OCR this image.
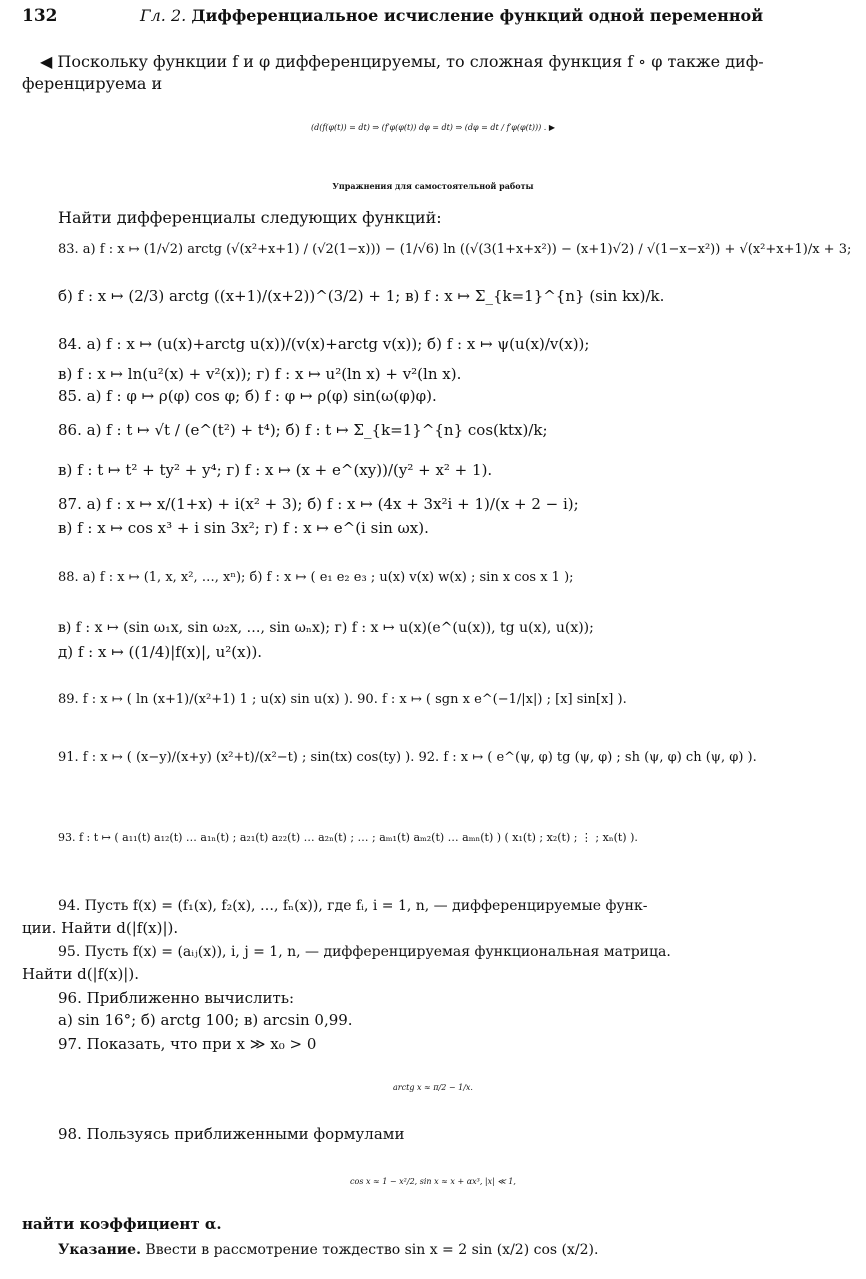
132	Гл. 2. Дифференциальное исчисление функций одной переменной
◀ Поскольку функции f и φ дифференцируемы, то сложная функция f ∘ φ также диф-
ференцируема и
(d(f(φ(t)) = dt) ⇒ (f′φ(φ(t)) dφ = dt) ⇒ (dφ = dt / f′φ(φ(t))) . ▶
Упражнения для самостоятельной работы
Найти дифференциалы следующих функций:
83. а) f : x ↦ (1/√2) arctg (√(x²+x+1) / (√2(1−x))) − (1/√6) ln ((√(3(1+x+x²)) − (x+1)√2) / √(1−x−x²)) + √(x²+x+1)/x + 3;
б) f : x ↦ (2/3) arctg ((x+1)/(x+2))^(3/2) + 1; в) f : x ↦ Σ_{k=1}^{n} (sin kx)/k.
84. а) f : x ↦ (u(x)+arctg u(x))/(v(x)+arctg v(x)); б) f : x ↦ ψ(u(x)/v(x));
в) f : x ↦ ln(u²(x) + v²(x)); г) f : x ↦ u²(ln x) + v²(ln x).
85. а) f : φ ↦ ρ(φ) cos φ; б) f : φ ↦ ρ(φ) sin(ω(φ)φ).
86. а) f : t ↦ √t / (e^(t²) + t⁴); б) f : t ↦ Σ_{k=1}^{n} cos(ktx)/k;
в) f : t ↦ t² + ty² + y⁴; г) f : x ↦ (x + e^(xy))/(y² + x² + 1).
87. а) f : x ↦ x/(1+x) + i(x² + 3); б) f : x ↦ (4x + 3x²i + 1)/(x + 2 − i);
в) f : x ↦ cos x³ + i sin 3x²; г) f : x ↦ e^(i sin ωx).
88. а) f : x ↦ (1, x, x², …, xⁿ); б) f : x ↦ ( e₁ e₂ e₃ ; u(x) v(x) w(x) ; sin x cos x 1 );
в) f : x ↦ (sin ω₁x, sin ω₂x, …, sin ωₙx); г) f : x ↦ u(x)(e^(u(x)), tg u(x), u(x));
д) f : x ↦ ((1/4)|f(x)|, u²(x)).
89. f : x ↦ ( ln (x+1)/(x²+1) 1 ; u(x) sin u(x) ). 90. f : x ↦ ( sgn x e^(−1/|x|) ; [x] sin[x] ).
91. f : x ↦ ( (x−y)/(x+y) (x²+t)/(x²−t) ; sin(tx) cos(ty) ). 92. f : x ↦ ( e^(ψ, φ) tg (ψ, φ) ; sh (ψ, φ) ch (ψ, φ) ).
93. f : t ↦ ( a₁₁(t) a₁₂(t) … a₁ₙ(t) ; a₂₁(t) a₂₂(t) … a₂ₙ(t) ; … ; aₘ₁(t) aₘ₂(t) … aₘₙ(t) ) ( x₁(t) ; x₂(t) ; ⋮ ; xₙ(t) ).
94. Пусть f(x) = (f₁(x), f₂(x), …, fₙ(x)), где fᵢ, i = 1, n, — дифференцируемые функ-
ции. Найти d(|f(x)|).
95. Пусть f(x) = (aᵢⱼ(x)), i, j = 1, n, — дифференцируемая функциональная матрица.
Найти d(|f(x)|).
96. Приближенно вычислить:
а) sin 16°; б) arctg 100; в) arcsin 0,99.
97. Показать, что при x ≫ x₀ > 0
arctg x ≈ π/2 − 1/x.
98. Пользуясь приближенными формулами
cos x ≈ 1 − x²/2, sin x ≈ x + αx³, |x| ≪ 1,
найти коэффициент α.
Указание. Ввести в рассмотрение тождество sin x = 2 sin (x/2) cos (x/2).
